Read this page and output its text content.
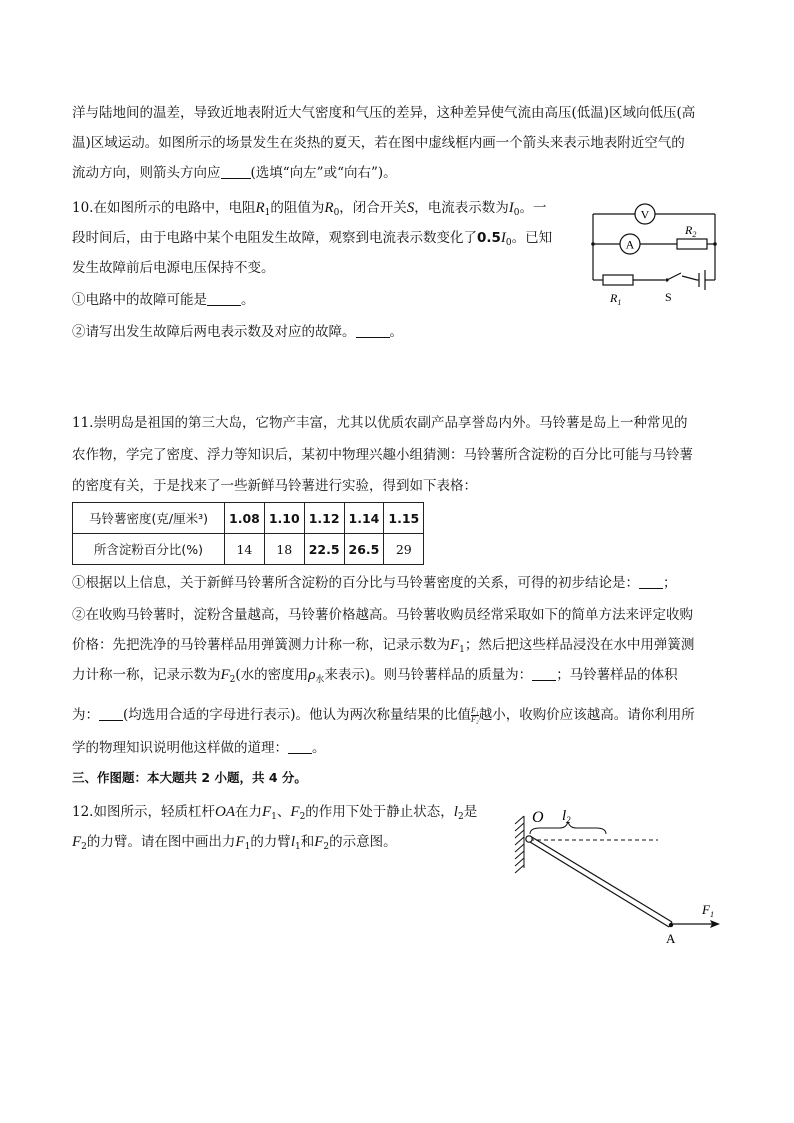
洋与陆地间的温差，导致近地表附近大气密度和气压的差异，这种差异使气流由高压(低温)区域向低压(高
温)区域运动。如图所示的场景发生在炎热的夏天，若在图中虚线框内画一个箭头来表示地表附近空气的
流动方向，则箭头方向应 (选填“向左”或“向右”)。
10.在如图所示的电路中，电阻$R_1$的阻值为$R_0$，闭合开关S，电流表示数为$I_0$。一
段时间后，由于电路中某个电阻发生故障，观察到电流表示数变化了$0.5I_0$。已知
发生故障前后电源电压保持不变。
①电路中的故障可能是	。
②请写出发生故障后两电表示数及对应的故障。	。
V
A
$R_2$
$R_1$	S
11.崇明岛是祖国的第三大岛，它物产丰富，尤其以优质农副产品享誉岛内外。马铃薯是岛上一种常见的
农作物，学完了密度、浮力等知识后，某初中物理兴趣小组猜测：马铃薯所含淀粉的百分比可能与马铃薯
的密度有关，于是找来了一些新鲜马铃薯进行实验，得到如下表格：
马铃薯密度(克/厘米³)	1.08	1.10	1.12	1.14	1.15
所含淀粉百分比(%)	14	18	22.5	26.5	29
①根据以上信息，关于新鲜马铃薯所含淀粉的百分比与马铃薯密度的关系，可得的初步结论是： ；
②在收购马铃薯时，淀粉含量越高，马铃薯价格越高。马铃薯收购员经常采取如下的简单方法来评定收购
价格：先把洗净的马铃薯样品用弹簧测力计称一称，记录示数为$F_1$；然后把这些样品浸没在水中用弹簧测
力计称一称，记录示数为$F_2$(水的密度用$\rho_水$来表示)。则马铃薯样品的质量为： ；马铃薯样品的体积
为： (均选用合适的字母进行表示)。他认为两次称量结果的比值 $\frac{\text{F₁}}{\text{F₂}}$ 越小，收购价应该越高。请你利用所
学的物理知识说明他这样做的道理： 。
三、作图题：本大题共 2 小题，共 4 分。
12.如图所示，轻质杠杆OA在力$F_1$、$F_2$的作用下处于静止状态，$l_2$是
$F_2$的力臂。请在图中画出力$F_1$的力臂$l_1$和$F_2$的示意图。
O $l_2$
A
$F_1$
